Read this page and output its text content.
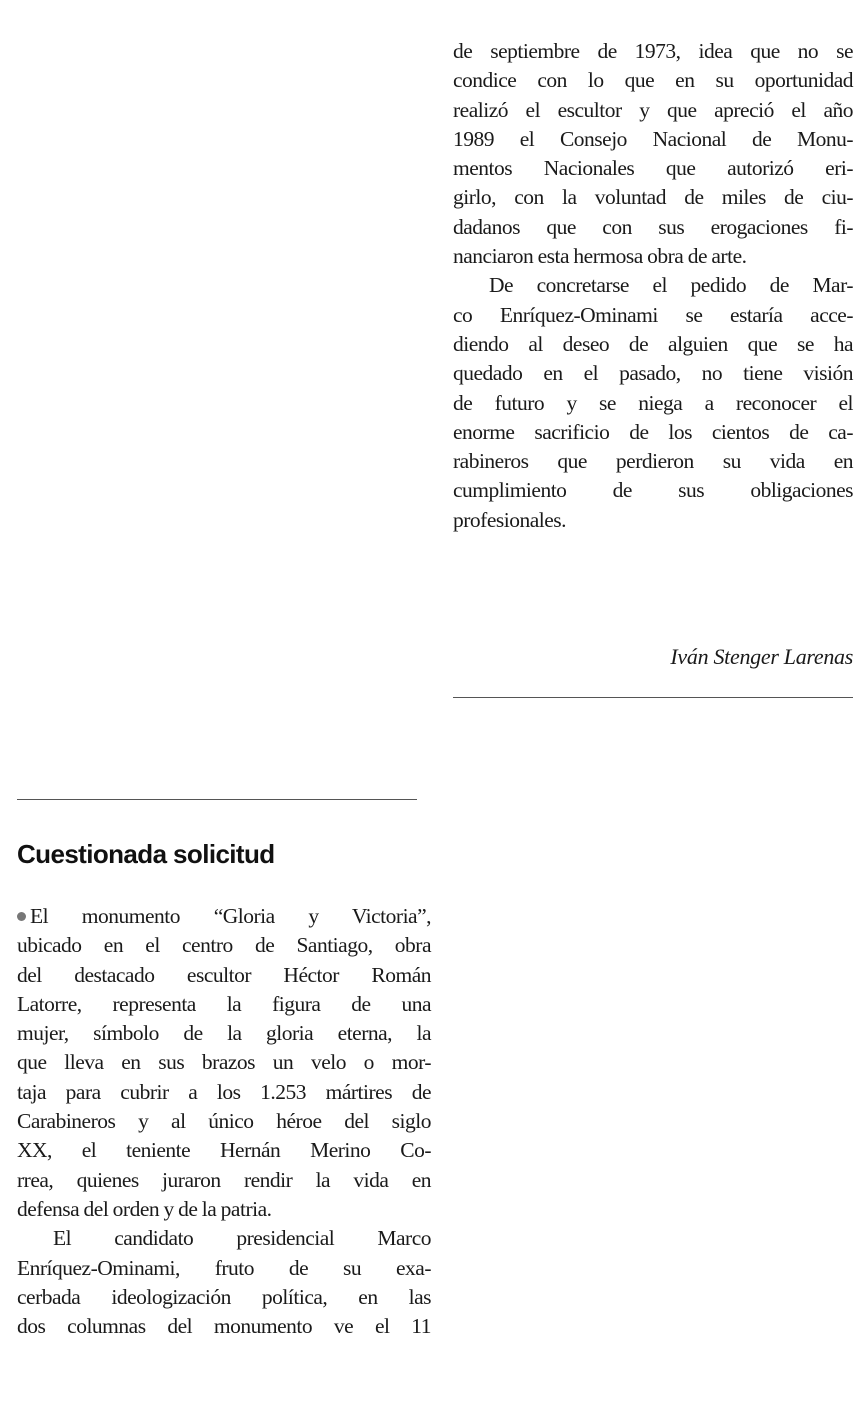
de septiembre de 1973, idea que no se
condice con lo que en su oportunidad
realizó el escultor y que apreció el año
1989 el Consejo Nacional de Monu-
mentos Nacionales que autorizó eri-
girlo, con la voluntad de miles de ciu-
dadanos que con sus erogaciones fi-
nanciaron esta hermosa obra de arte.
De concretarse el pedido de Mar-
co Enríquez-Ominami se estaría acce-
diendo al deseo de alguien que se ha
quedado en el pasado, no tiene visión
de futuro y se niega a reconocer el
enorme sacrificio de los cientos de ca-
rabineros que perdieron su vida en
cumplimiento de sus obligaciones
profesionales.
Iván Stenger Larenas
Cuestionada solicitud
El monumento “Gloria y Victoria”,
ubicado en el centro de Santiago, obra
del destacado escultor Héctor Román
Latorre, representa la figura de una
mujer, símbolo de la gloria eterna, la
que lleva en sus brazos un velo o mor-
taja para cubrir a los 1.253 mártires de
Carabineros y al único héroe del siglo
XX, el teniente Hernán Merino Co-
rrea, quienes juraron rendir la vida en
defensa del orden y de la patria.
El candidato presidencial Marco
Enríquez-Ominami, fruto de su exa-
cerbada ideologización política, en las
dos columnas del monumento ve el 11
